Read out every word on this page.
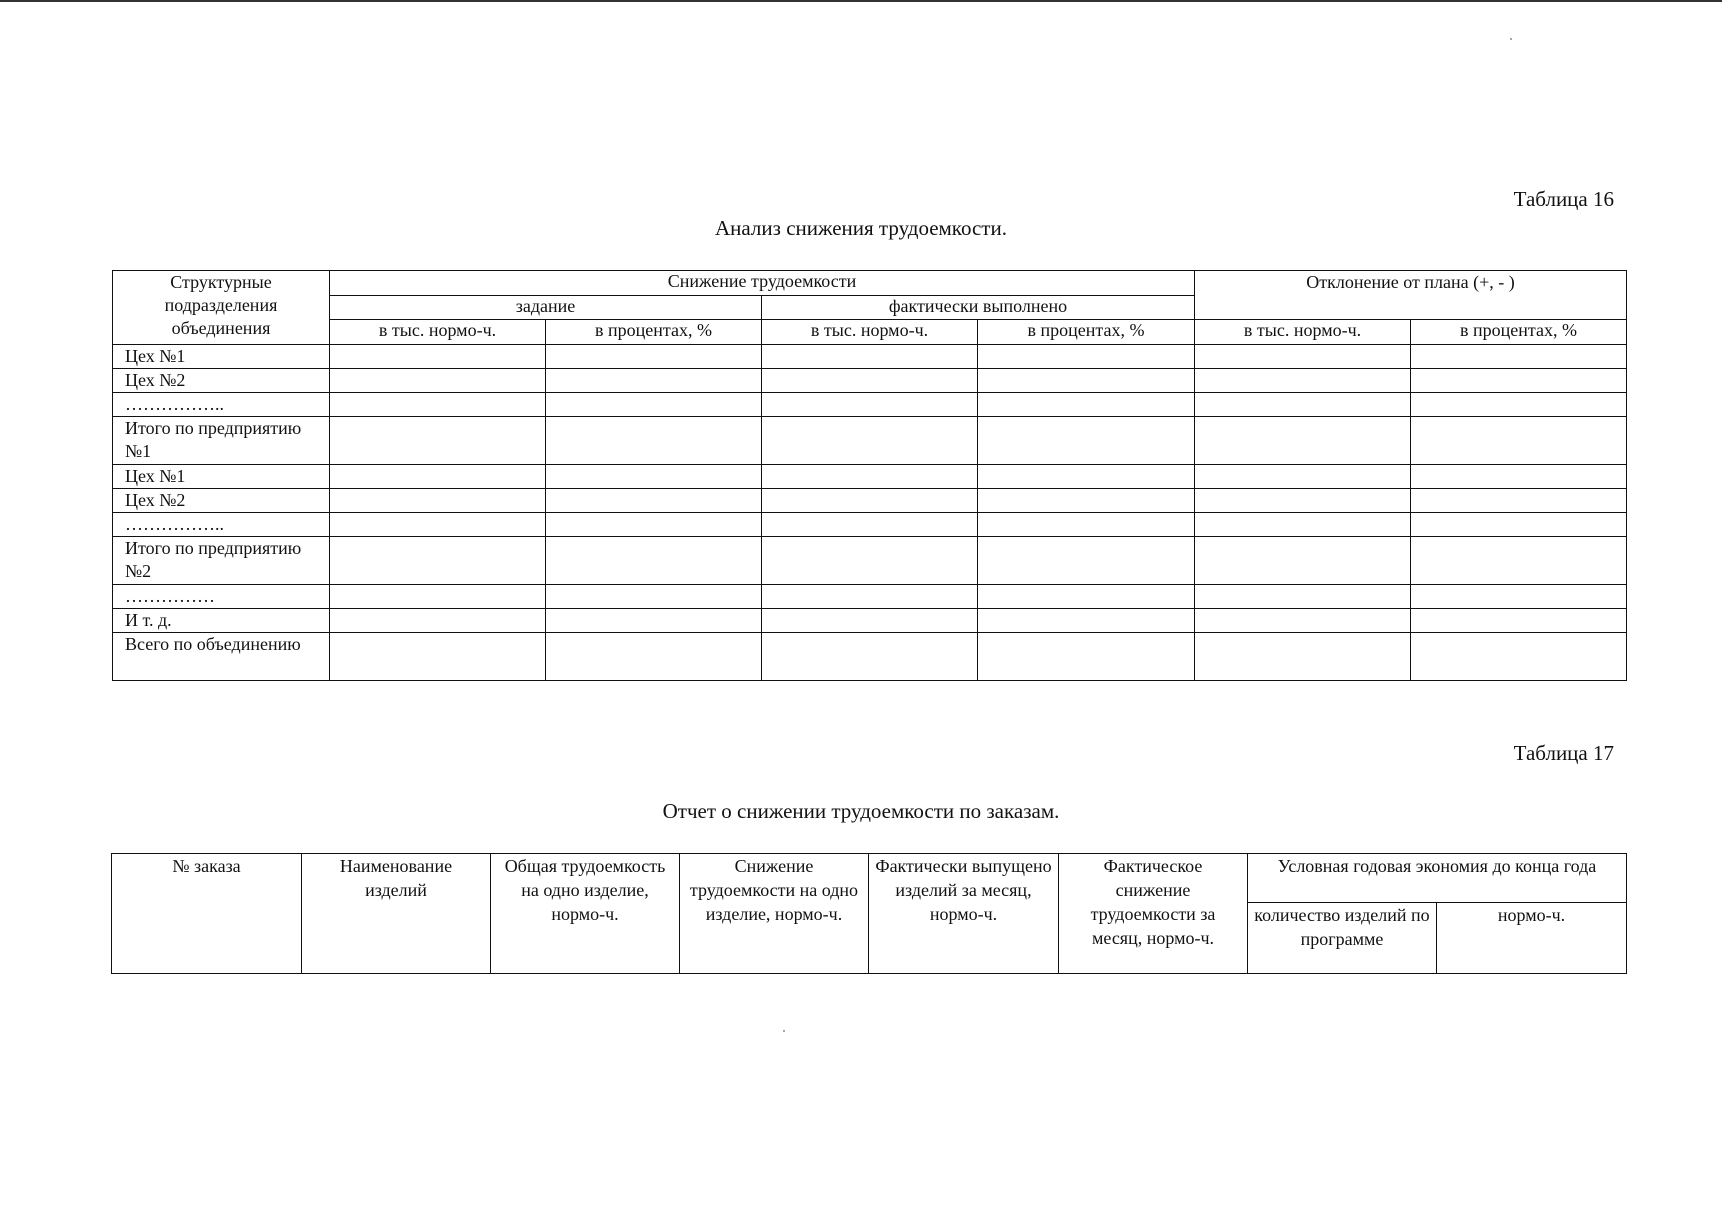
Таблица 16
Анализ снижения трудоемкости.
Структурные подразделения объединения	Снижение трудоемкости				Отклонение от плана (+, - )	
	задание		фактически выполнено			
	в тыс. нормо-ч.	в процентах, %	в тыс. нормо-ч.	в процентах, %	в тыс. нормо-ч.	в процентах, %
Цех №1						
Цех №2						
……………..						
Итого по предприятию №1						
Цех №1						
Цех №2						
……………..						
Итого по предприятию №2						
……………						
И т. д.						
Всего по объединению						
Таблица 17
Отчет о снижении трудоемкости по заказам.
№ заказа	Наименование изделий	Общая трудоемкость на одно изделие, нормо-ч.	Снижение трудоемкости на одно изделие, нормо-ч.	Фактически выпущено изделий за месяц, нормо-ч.	Фактическое снижение трудоемкости за месяц, нормо-ч.	Условная годовая экономия до конца года	
						количество изделий по программе	нормо-ч.
